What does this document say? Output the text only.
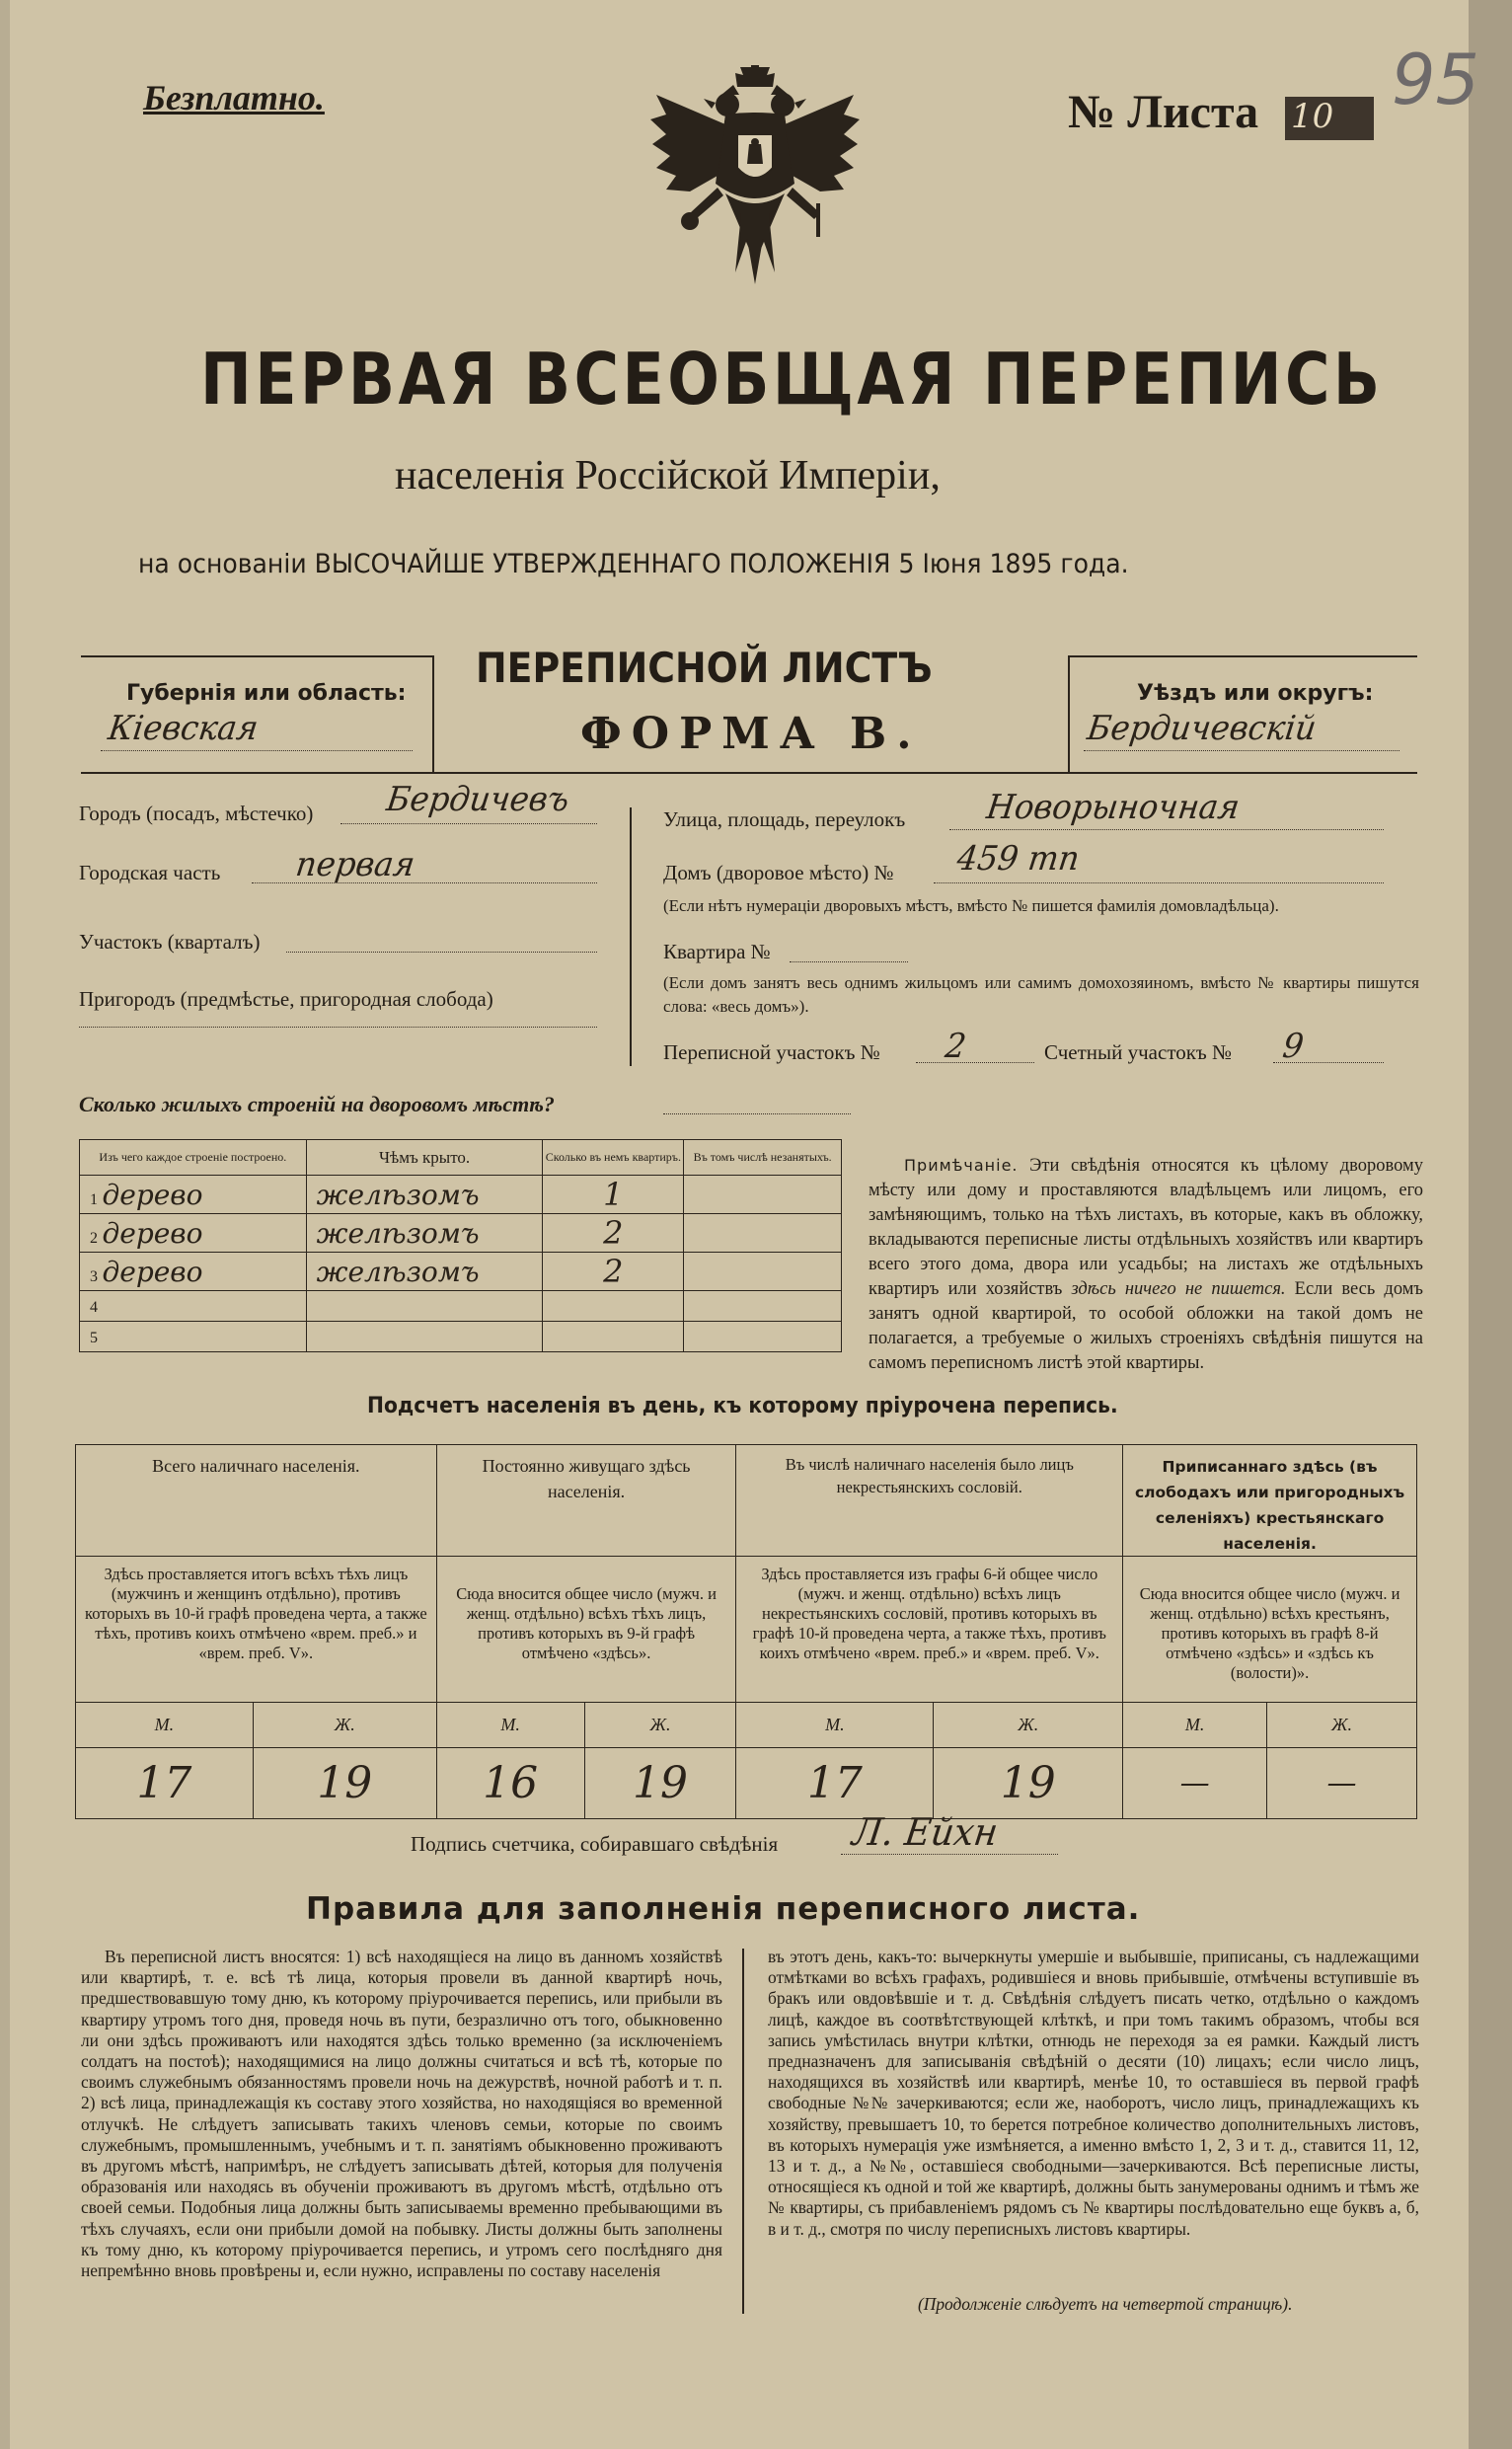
Безплатно.	№ Листа 10 95
ПЕРВАЯ ВСЕОБЩАЯ ПЕРЕПИСЬ
населенія Россійской Имперіи,
на основаніи ВЫСОЧАЙШЕ УТВЕРЖДЕННАГО ПОЛОЖЕНІЯ 5 Іюня 1895 года.
Губернія или область:
Кіевская
ПЕРЕПИСНОЙ ЛИСТЪ
ФОРМА В.
Уѣздъ или округъ:
Бердичевскій
Городъ (посадъ, мѣстечко) Бердичевъ
Городская часть первая
Участокъ (кварталъ)
Пригородъ (предмѣстье, пригородная слобода)
Улица, площадь, переулокъ Новорыночная
Домъ (дворовое мѣсто) № 459 тп
(Если нѣтъ нумераціи дворовыхъ мѣстъ, вмѣсто № пишется фамилія домовладѣльца).
Квартира №
(Если домъ занятъ весь однимъ жильцомъ или самимъ домохозяиномъ, вмѣсто № квартиры пишутся слова: «весь домъ»).
Переписной участокъ № 2	Счетный участокъ № 9
Сколько жилыхъ строеній на дворовомъ мѣстѣ?
Изъ чего каждое строеніе построено.	Чѣмъ крыто.	Сколько въ немъ квартиръ.	Въ томъ числѣ незанятыхъ.
1 дерево	желѣзомъ	1	
2 дерево	желѣзомъ	2	
3 дерево	желѣзомъ	2	
4			
5			
Примѣчаніе. Эти свѣдѣнія относятся къ цѣлому дворовому мѣсту или дому и проставляются владѣльцемъ или лицомъ, его замѣняющимъ, только на тѣхъ листахъ, въ которые, какъ въ обложку, вкладываются переписные листы отдѣльныхъ хозяйствъ или квартиръ всего этого дома, двора или усадьбы; на листахъ же отдѣльныхъ квартиръ или хозяйствъ здѣсь ничего не пишется. Если весь домъ занятъ одной квартирой, то особой обложки на такой домъ не полагается, а требуемые о жилыхъ строеніяхъ свѣдѣнія пишутся на самомъ переписномъ листѣ этой квартиры.
Подсчетъ населенія въ день, къ которому пріурочена перепись.
Всего наличнаго населенія.		Постоянно живущаго здѣсь населенія.		Въ числѣ наличнаго населенія было лицъ некрестьянскихъ сословій.		Приписаннаго здѣсь (въ слободахъ или пригородныхъ селеніяхъ) крестьянскаго населенія.	
Здѣсь проставляется итогъ всѣхъ тѣхъ лицъ (мужчинъ и женщинъ отдѣльно), противъ которыхъ въ 10-й графѣ проведена черта, а также тѣхъ, противъ коихъ отмѣчено «врем. преб.» и «врем. преб. V».		Сюда вносится общее число (мужч. и женщ. отдѣльно) всѣхъ тѣхъ лицъ, противъ которыхъ въ 9-й графѣ отмѣчено «здѣсь».		Здѣсь проставляется изъ графы 6-й общее число (мужч. и женщ. отдѣльно) всѣхъ лицъ некрестьянскихъ сословій, противъ которыхъ въ графѣ 10-й проведена черта, а также тѣхъ, противъ коихъ отмѣчено «врем. преб.» и «врем. преб. V».		Сюда вносится общее число (мужч. и женщ. отдѣльно) всѣхъ крестьянъ, противъ которыхъ въ графѣ 8-й отмѣчено «здѣсь» и «здѣсь къ (волости)».	
М.	Ж.	М.	Ж.	М.	Ж.	М.	Ж.
17	19	16	19	17	19	—	—
Подпись счетчика, собиравшаго свѣдѣнія Л. Ейхн
Правила для заполненія переписного листа.
Въ переписной листъ вносятся: 1) всѣ находящіеся на лицо въ данномъ хозяйствѣ или квартирѣ, т. е. всѣ тѣ лица, которыя провели въ данной квартирѣ ночь, предшествовавшую тому дню, къ которому пріурочивается перепись, или прибыли въ квартиру утромъ того дня, проведя ночь въ пути, безразлично отъ того, обыкновенно ли они здѣсь проживаютъ или находятся здѣсь только временно (за исключеніемъ солдатъ на постоѣ); находящимися на лицо должны считаться и всѣ тѣ, которые по своимъ служебнымъ обязанностямъ провели ночь на дежурствѣ, ночной работѣ и т. п. 2) всѣ лица, принадлежащія къ составу этого хозяйства, но находящіяся во временной отлучкѣ. Не слѣдуетъ записывать такихъ членовъ семьи, которые по своимъ служебнымъ, промышленнымъ, учебнымъ и т. п. занятіямъ обыкновенно проживаютъ въ другомъ мѣстѣ, напримѣръ, не слѣдуетъ записывать дѣтей, которыя для полученія образованія или находясь въ обученіи проживаютъ въ другомъ мѣстѣ, отдѣльно отъ своей семьи. Подобныя лица должны быть записываемы временно пребывающими въ тѣхъ случаяхъ, если они прибыли домой на побывку. Листы должны быть заполнены къ тому дню, къ которому пріурочивается перепись, и утромъ сего послѣдняго дня непремѣнно вновь провѣрены и, если нужно, исправлены по составу населенія
въ этотъ день, какъ-то: вычеркнуты умершіе и выбывшіе, приписаны, съ надлежащими отмѣтками во всѣхъ графахъ, родившіеся и вновь прибывшіе, отмѣчены вступившіе въ бракъ или овдовѣвшіе и т. д. Свѣдѣнія слѣдуетъ писать четко, отдѣльно о каждомъ лицѣ, каждое въ соотвѣтствующей клѣткѣ, и при томъ такимъ образомъ, чтобы вся запись умѣстилась внутри клѣтки, отнюдь не переходя за ея рамки. Каждый листъ предназначенъ для записыванія свѣдѣній о десяти (10) лицахъ; если число лицъ, находящихся въ хозяйствѣ или квартирѣ, менѣе 10, то оставшіеся въ первой графѣ свободные №№ зачеркиваются; если же, наоборотъ, число лицъ, принадлежащихъ къ хозяйству, превышаетъ 10, то берется потребное количество дополнительныхъ листовъ, въ которыхъ нумерація уже измѣняется, а именно вмѣсто 1, 2, 3 и т. д., ставится 11, 12, 13 и т. д., а №№, оставшіеся свободными—зачеркиваются. Всѣ переписные листы, относящіеся къ одной и той же квартирѣ, должны быть занумерованы однимъ и тѣмъ же № квартиры, съ прибавленіемъ рядомъ съ № квартиры послѣдовательно еще буквъ а, б, в и т. д., смотря по числу переписныхъ листовъ квартиры.
(Продолженіе слѣдуетъ на четвертой страницѣ).
